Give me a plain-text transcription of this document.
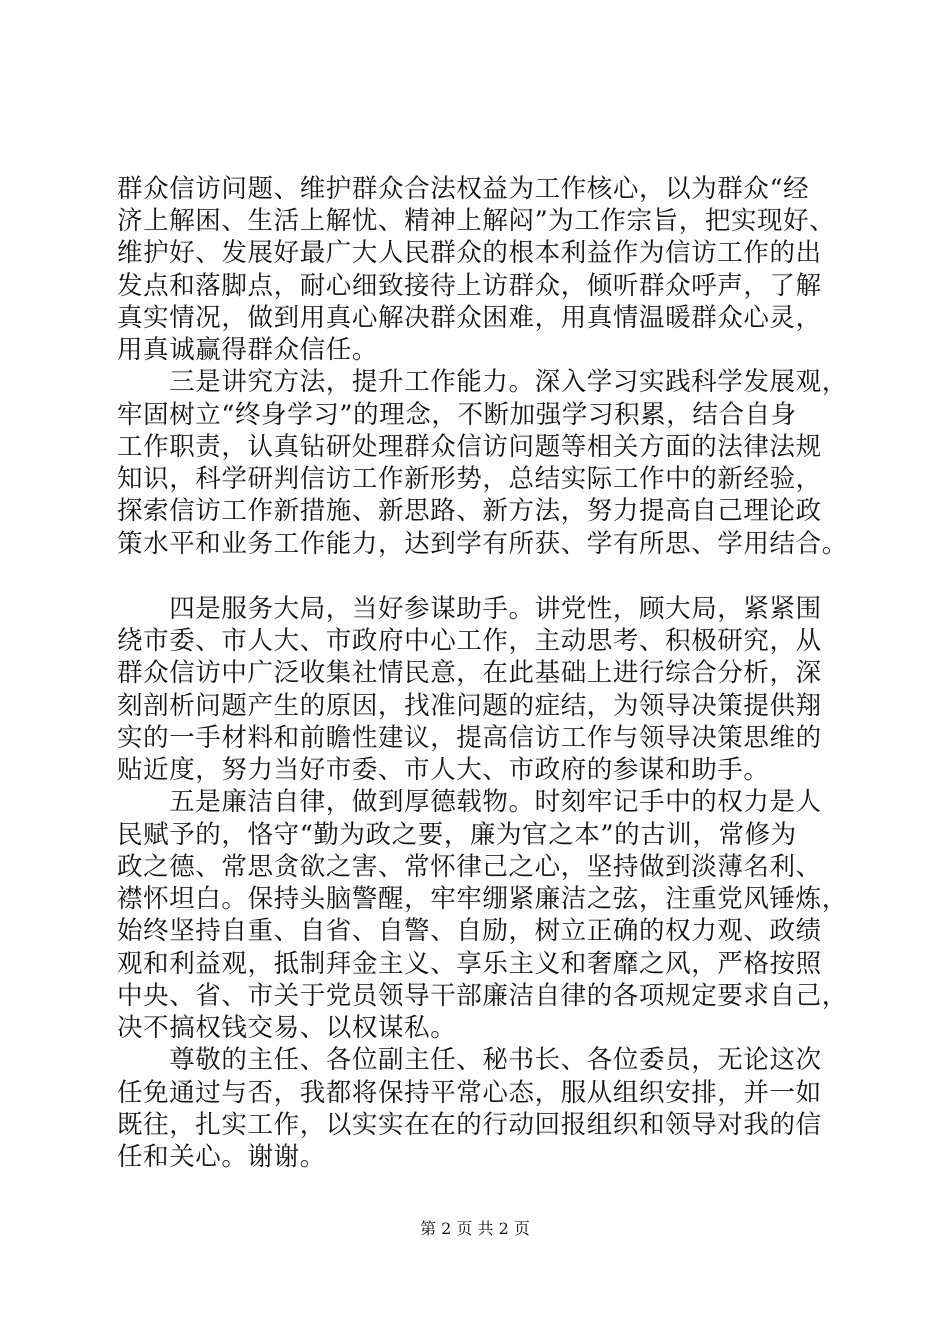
群众信访问题、维护群众合法权益为工作核心，以为群众“经
济上解困、生活上解忧、精神上解闷”为工作宗旨，把实现好、
维护好、发展好最广大人民群众的根本利益作为信访工作的出
发点和落脚点，耐心细致接待上访群众，倾听群众呼声，了解
真实情况，做到用真心解决群众困难，用真情温暖群众心灵，
用真诚赢得群众信任。
　　三是讲究方法，提升工作能力。深入学习实践科学发展观，
牢固树立“终身学习”的理念，不断加强学习积累，结合自身
工作职责，认真钻研处理群众信访问题等相关方面的法律法规
知识，科学研判信访工作新形势，总结实际工作中的新经验，
探索信访工作新措施、新思路、新方法，努力提高自己理论政
策水平和业务工作能力，达到学有所获、学有所思、学用结合。
　　四是服务大局，当好参谋助手。讲党性，顾大局，紧紧围
绕市委、市人大、市政府中心工作，主动思考、积极研究，从
群众信访中广泛收集社情民意，在此基础上进行综合分析，深
刻剖析问题产生的原因，找准问题的症结，为领导决策提供翔
实的一手材料和前瞻性建议，提高信访工作与领导决策思维的
贴近度，努力当好市委、市人大、市政府的参谋和助手。
　　五是廉洁自律，做到厚德载物。时刻牢记手中的权力是人
民赋予的，恪守“勤为政之要，廉为官之本”的古训，常修为
政之德、常思贪欲之害、常怀律己之心，坚持做到淡薄名利、
襟怀坦白。保持头脑警醒，牢牢绷紧廉洁之弦，注重党风锤炼，
始终坚持自重、自省、自警、自励，树立正确的权力观、政绩
观和利益观，抵制拜金主义、享乐主义和奢靡之风，严格按照
中央、省、市关于党员领导干部廉洁自律的各项规定要求自己，
决不搞权钱交易、以权谋私。
　　尊敬的主任、各位副主任、秘书长、各位委员，无论这次
任免通过与否，我都将保持平常心态，服从组织安排，并一如
既往，扎实工作，以实实在在的行动回报组织和领导对我的信
任和关心。谢谢。
第 2 页 共 2 页
